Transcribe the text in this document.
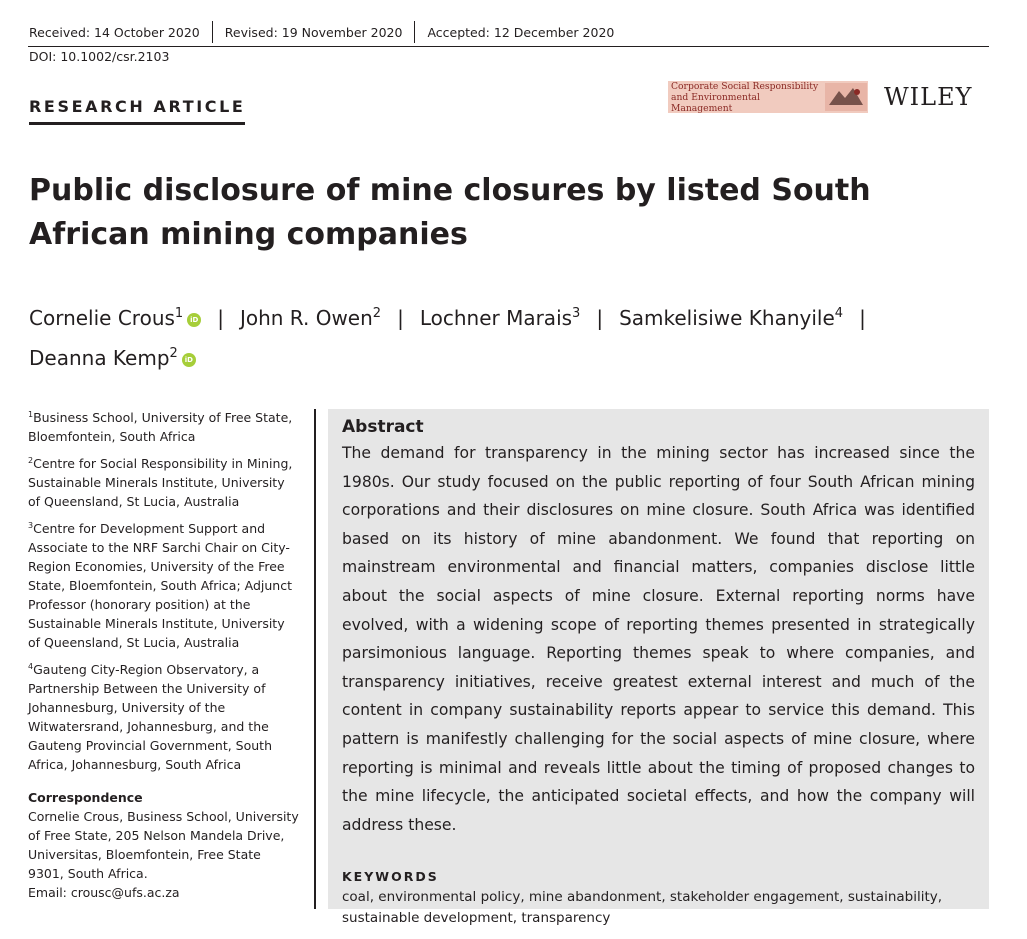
Received: 14 October 2020	Revised: 19 November 2020	Accepted: 12 December 2020
DOI: 10.1002/csr.2103
RESEARCH ARTICLE
Corporate Social Responsibility and Environmental Management	WILEY
Public disclosure of mine closures by listed South African mining companies
Cornelie Crous$^1$ iD | John R. Owen$^2$ | Lochner Marais$^3$ | Samkelisiwe Khanyile$^4$ |
Deanna Kemp$^2$ iD
$^1$Business School, University of Free State, Bloemfontein, South Africa
$^2$Centre for Social Responsibility in Mining, Sustainable Minerals Institute, University of Queensland, St Lucia, Australia
$^3$Centre for Development Support and Associate to the NRF Sarchi Chair on City-Region Economies, University of the Free State, Bloemfontein, South Africa; Adjunct Professor (honorary position) at the Sustainable Minerals Institute, University of Queensland, St Lucia, Australia
$^4$Gauteng City-Region Observatory, a Partnership Between the University of Johannesburg, University of the Witwatersrand, Johannesburg, and the Gauteng Provincial Government, South Africa, Johannesburg, South Africa
Correspondence
Cornelie Crous, Business School, University of Free State, 205 Nelson Mandela Drive, Universitas, Bloemfontein, Free State 9301, South Africa.
Email: crousc@ufs.ac.za
Abstract
The demand for transparency in the mining sector has increased since the 1980s. Our study focused on the public reporting of four South African mining corporations and their disclosures on mine closure. South Africa was identified based on its history of mine abandonment. We found that reporting on mainstream environmental and financial matters, companies disclose little about the social aspects of mine closure. External reporting norms have evolved, with a widening scope of reporting themes presented in strategically parsimonious language. Reporting themes speak to where companies, and transparency initiatives, receive greatest external interest and much of the content in company sustainability reports appear to service this demand. This pattern is manifestly challenging for the social aspects of mine closure, where reporting is minimal and reveals little about the timing of proposed changes to the mine lifecycle, the anticipated societal effects, and how the company will address these.
KEYWORDS
coal, environmental policy, mine abandonment, stakeholder engagement, sustainability, sustainable development, transparency
